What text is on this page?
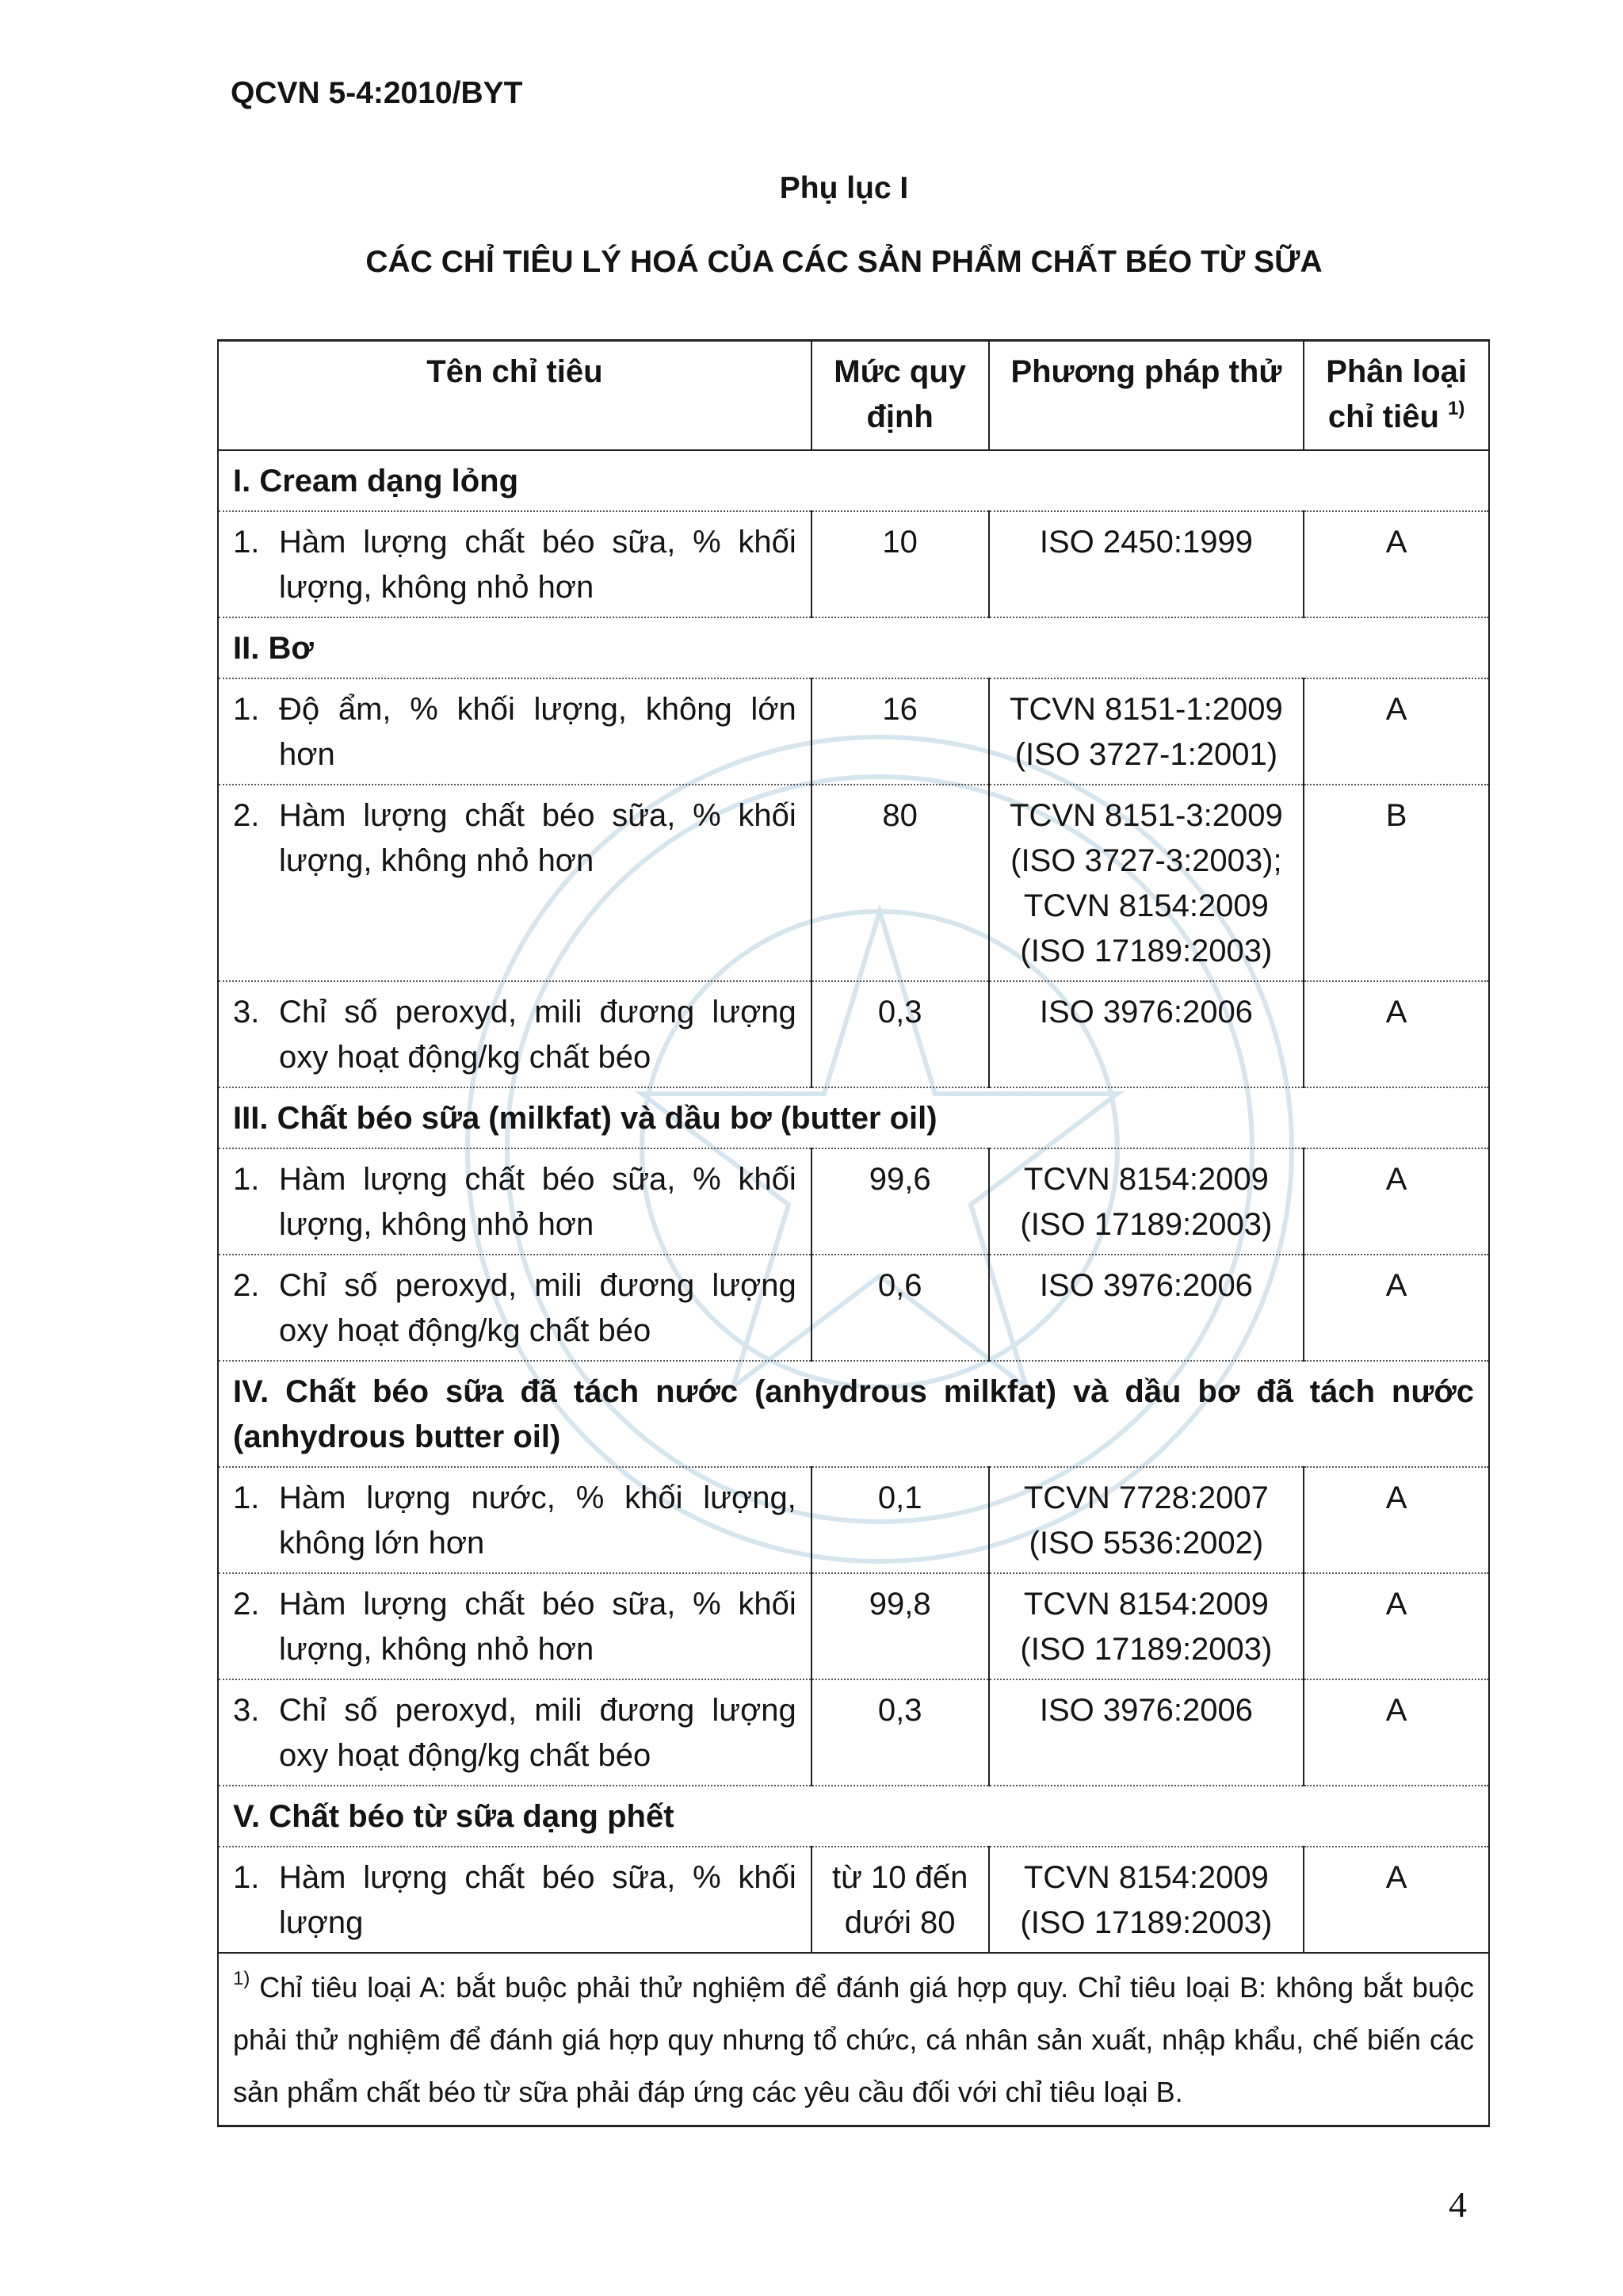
QCVN 5-4:2010/BYT
Phụ lục I
CÁC CHỈ TIÊU LÝ HOÁ CỦA CÁC SẢN PHẨM CHẤT BÉO TỪ SỮA
Tên chỉ tiêu	Mức quy định	Phương pháp thử	Phân loại chỉ tiêu $^{1)}$
I. Cream dạng lỏng			

1. Hàm lượng chất béo sữa, % khối lượng, không nhỏ hơn	10	ISO 2450:1999	A
II. Bơ			

1. Độ ẩm, % khối lượng, không lớn hơn	16	TCVN 8151-1:2009 (ISO 3727-1:2001)	A

2. Hàm lượng chất béo sữa, % khối lượng, không nhỏ hơn	80	TCVN 8151-3:2009 (ISO 3727-3:2003); TCVN 8154:2009 (ISO 17189:2003)	B

3. Chỉ số peroxyd, mili đương lượng oxy hoạt động/kg chất béo	0,3	ISO 3976:2006	A
III. Chất béo sữa (milkfat) và dầu bơ (butter oil)			

1. Hàm lượng chất béo sữa, % khối lượng, không nhỏ hơn	99,6	TCVN 8154:2009 (ISO 17189:2003)	A

2. Chỉ số peroxyd, mili đương lượng oxy hoạt động/kg chất béo	0,6	ISO 3976:2006	A
IV. Chất béo sữa đã tách nước (anhydrous milkfat) và dầu bơ đã tách nước (anhydrous butter oil)			

1. Hàm lượng nước, % khối lượng, không lớn hơn	0,1	TCVN 7728:2007 (ISO 5536:2002)	A

2. Hàm lượng chất béo sữa, % khối lượng, không nhỏ hơn	99,8	TCVN 8154:2009 (ISO 17189:2003)	A

3. Chỉ số peroxyd, mili đương lượng oxy hoạt động/kg chất béo	0,3	ISO 3976:2006	A
V. Chất béo từ sữa dạng phết			

1. Hàm lượng chất béo sữa, % khối lượng	từ 10 đến dưới 80	TCVN 8154:2009 (ISO 17189:2003)	A
$^{1)}$ Chỉ tiêu loại A: bắt buộc phải thử nghiệm để đánh giá hợp quy. Chỉ tiêu loại B: không bắt buộc phải thử nghiệm để đánh giá hợp quy nhưng tổ chức, cá nhân sản xuất, nhập khẩu, chế biến các sản phẩm chất béo từ sữa phải đáp ứng các yêu cầu đối với chỉ tiêu loại B.			
4
